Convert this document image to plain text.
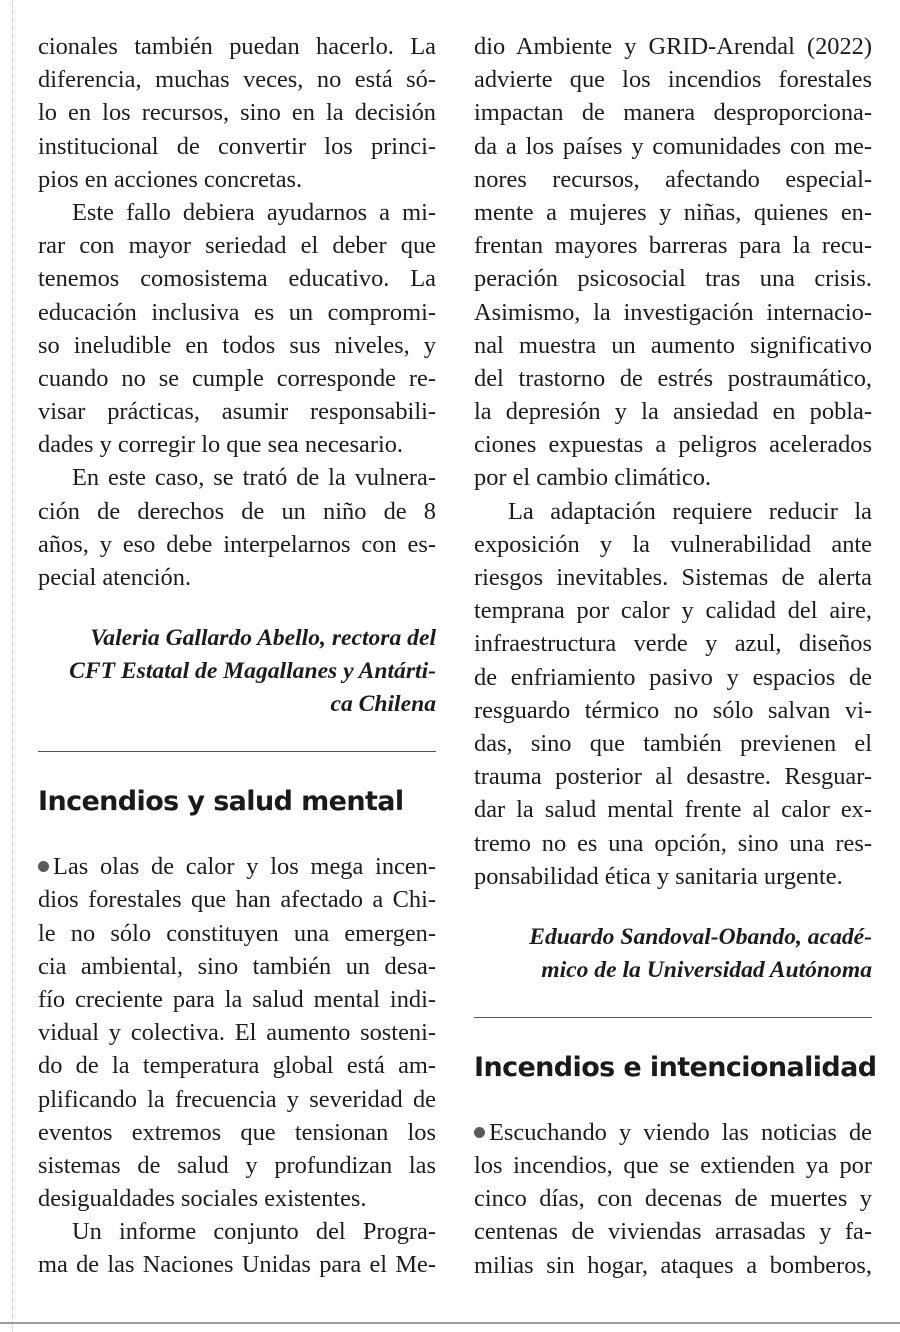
cionales también puedan hacerlo. La
diferencia, muchas veces, no está só-
lo en los recursos, sino en la decisión
institucional de convertir los princi-
pios en acciones concretas.
Este fallo debiera ayudarnos a mi-
rar con mayor seriedad el deber que
tenemos comosistema educativo. La
educación inclusiva es un compromi-
so ineludible en todos sus niveles, y
cuando no se cumple corresponde re-
visar prácticas, asumir responsabili-
dades y corregir lo que sea necesario.
En este caso, se trató de la vulnera-
ción de derechos de un niño de 8
años, y eso debe interpelarnos con es-
pecial atención.
Valeria Gallardo Abello, rectora del
CFT Estatal de Magallanes y Antárti-
ca Chilena
Incendios y salud mental
Las olas de calor y los mega incen-
dios forestales que han afectado a Chi-
le no sólo constituyen una emergen-
cia ambiental, sino también un desa-
fío creciente para la salud mental indi-
vidual y colectiva. El aumento sosteni-
do de la temperatura global está am-
plificando la frecuencia y severidad de
eventos extremos que tensionan los
sistemas de salud y profundizan las
desigualdades sociales existentes.
Un informe conjunto del Progra-
ma de las Naciones Unidas para el Me-
dio Ambiente y GRID-Arendal (2022)
advierte que los incendios forestales
impactan de manera desproporciona-
da a los países y comunidades con me-
nores recursos, afectando especial-
mente a mujeres y niñas, quienes en-
frentan mayores barreras para la recu-
peración psicosocial tras una crisis.
Asimismo, la investigación internacio-
nal muestra un aumento significativo
del trastorno de estrés postraumático,
la depresión y la ansiedad en pobla-
ciones expuestas a peligros acelerados
por el cambio climático.
La adaptación requiere reducir la
exposición y la vulnerabilidad ante
riesgos inevitables. Sistemas de alerta
temprana por calor y calidad del aire,
infraestructura verde y azul, diseños
de enfriamiento pasivo y espacios de
resguardo térmico no sólo salvan vi-
das, sino que también previenen el
trauma posterior al desastre. Resguar-
dar la salud mental frente al calor ex-
tremo no es una opción, sino una res-
ponsabilidad ética y sanitaria urgente.
Eduardo Sandoval-Obando, acadé-
mico de la Universidad Autónoma
Incendios e intencionalidad
Escuchando y viendo las noticias de
los incendios, que se extienden ya por
cinco días, con decenas de muertes y
centenas de viviendas arrasadas y fa-
milias sin hogar, ataques a bomberos,
